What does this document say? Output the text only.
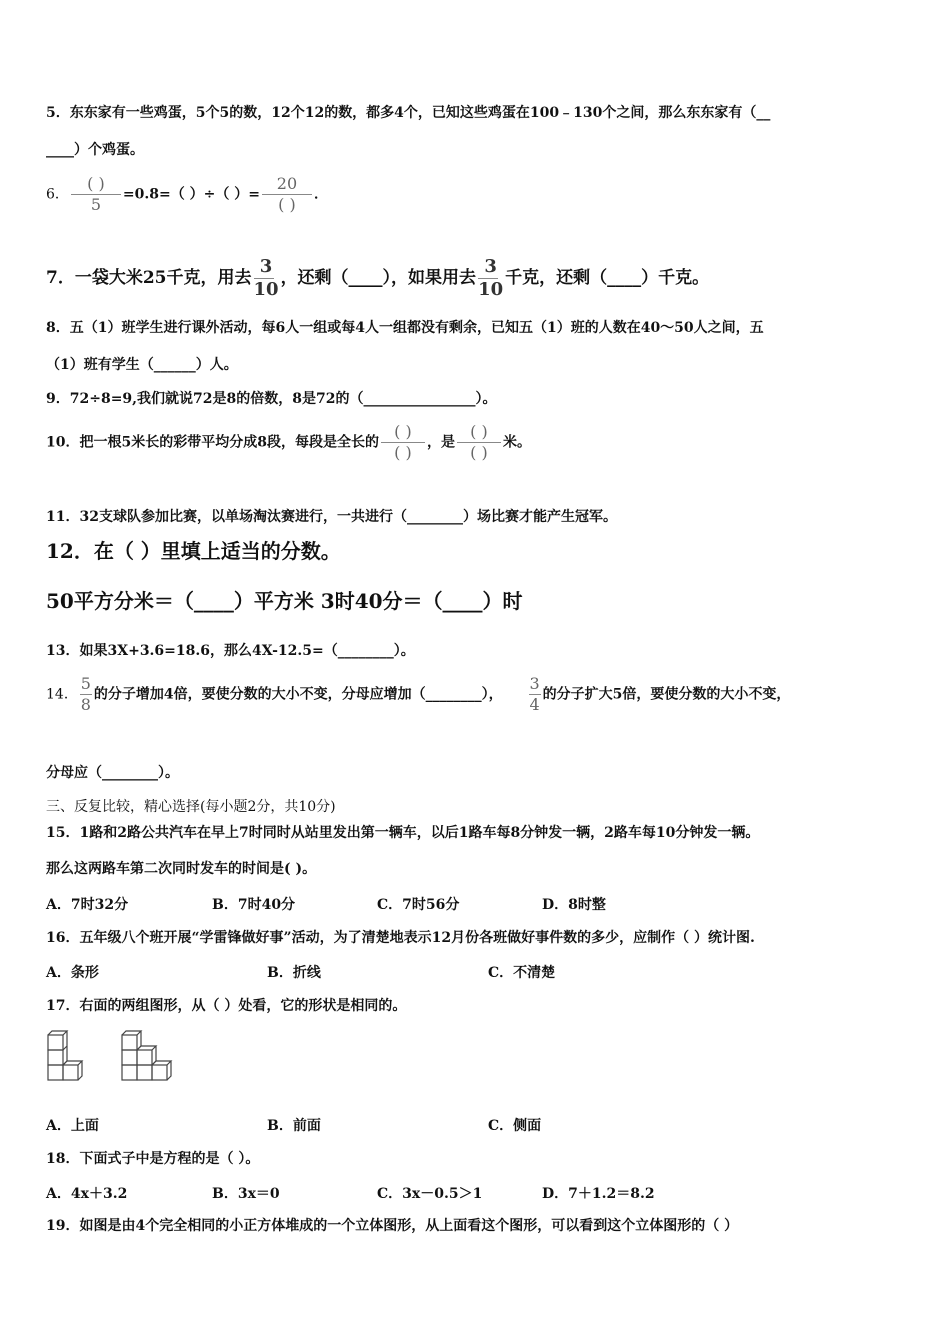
5．东东家有一些鸡蛋，5个5的数，12个12的数，都多4个，已知这些鸡蛋在100﹣130个之间，那么东东家有（__
____）个鸡蛋。
6． $\frac{( )}{5} =0.8=$（ ）÷（ ）= $\frac{20}{( )}$ ．
7．一袋大米25千克，用去 $\frac{3}{10}$ ，还剩（____），如果用去 $\frac{3}{10}$ 千克，还剩（____）千克。
8．五（1）班学生进行课外活动，每6人一组或每4人一组都没有剩余，已知五（1）班的人数在40～50人之间，五
（1）班有学生（______）人。
9．72÷8=9,我们就说72是8的倍数，8是72的（________________）。
10．把一根5米长的彩带平均分成8段，每段是全长的 $\frac{( )}{( )}$ ，是 $\frac{( )}{( )}$ 米。
11．32支球队参加比赛，以单场淘汰赛进行，一共进行（________）场比赛才能产生冠军。
12．在（ ）里填上适当的分数。
50平方分米＝（____）平方米 3时40分＝（____）时
13．如果3X+3.6=18.6，那么4X-12.5=（________）。
14． $\frac{5}{8}$ 的分子增加4倍，要使分数的大小不变，分母应增加（________）， $\frac{3}{4}$ 的分子扩大5倍，要使分数的大小不变，
分母应（________）。
三、反复比较，精心选择(每小题2分，共10分)
15．1路和2路公共汽车在早上7时同时从站里发出第一辆车，以后1路车每8分钟发一辆，2路车每10分钟发一辆。
那么这两路车第二次同时发车的时间是( )。
A．7时32分	B．7时40分	C．7时56分	D．8时整
16．五年级八个班开展“学雷锋做好事”活动，为了清楚地表示12月份各班做好事件数的多少，应制作（ ）统计图.
A．条形	B．折线	C．不清楚
17．右面的两组图形，从（ ）处看，它的形状是相同的。
A．上面	B．前面	C．侧面
18．下面式子中是方程的是（ ）。
A．4x＋3.2	B．3x＝0	C．3x－0.5＞1	D．7＋1.2＝8.2
19．如图是由4个完全相同的小正方体堆成的一个立体图形，从上面看这个图形，可以看到这个立体图形的（ ）
